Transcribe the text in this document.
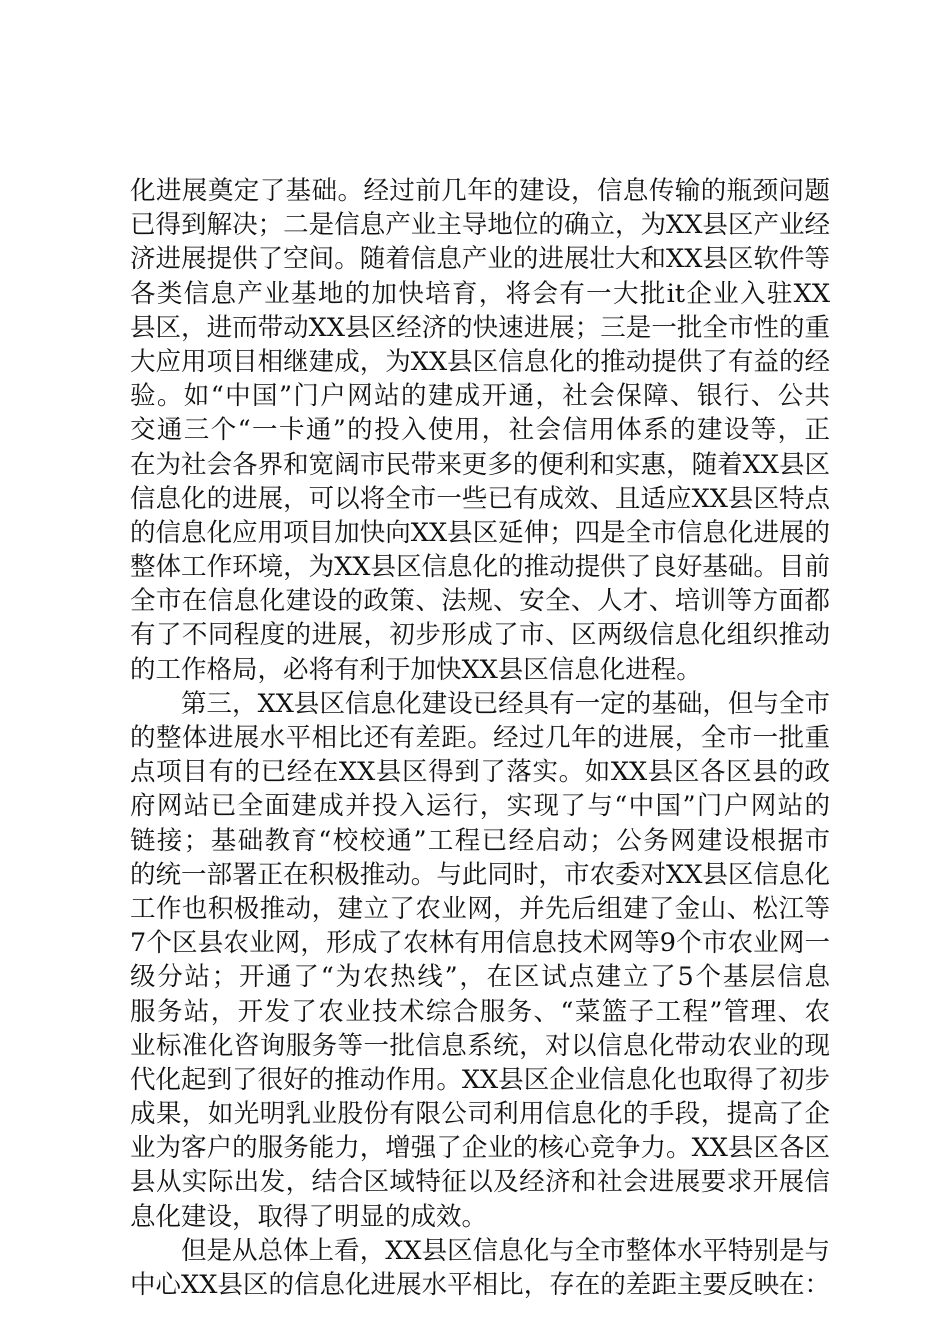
化进展奠定了基础。经过前几年的建设，信息传输的瓶颈问题
已得到解决；二是信息产业主导地位的确立，为XX县区产业经
济进展提供了空间。随着信息产业的进展壮大和XX县区软件等
各类信息产业基地的加快培育，将会有一大批it企业入驻XX
县区，进而带动XX县区经济的快速进展；三是一批全市性的重
大应用项目相继建成，为XX县区信息化的推动提供了有益的经
验。如“中国”门户网站的建成开通，社会保障、银行、公共
交通三个“一卡通”的投入使用，社会信用体系的建设等，正
在为社会各界和宽阔市民带来更多的便利和实惠，随着XX县区
信息化的进展，可以将全市一些已有成效、且适应XX县区特点
的信息化应用项目加快向XX县区延伸；四是全市信息化进展的
整体工作环境，为XX县区信息化的推动提供了良好基础。目前
全市在信息化建设的政策、法规、安全、人才、培训等方面都
有了不同程度的进展，初步形成了市、区两级信息化组织推动
的工作格局，必将有利于加快XX县区信息化进程。
第三，XX县区信息化建设已经具有一定的基础，但与全市
的整体进展水平相比还有差距。经过几年的进展，全市一批重
点项目有的已经在XX县区得到了落实。如XX县区各区县的政
府网站已全面建成并投入运行，实现了与“中国”门户网站的
链接；基础教育“校校通”工程已经启动；公务网建设根据市
的统一部署正在积极推动。与此同时，市农委对XX县区信息化
工作也积极推动，建立了农业网，并先后组建了金山、松江等
7个区县农业网，形成了农林有用信息技术网等9个市农业网一
级分站；开通了“为农热线”，在区试点建立了5个基层信息
服务站，开发了农业技术综合服务、“菜篮子工程”管理、农
业标准化咨询服务等一批信息系统，对以信息化带动农业的现
代化起到了很好的推动作用。XX县区企业信息化也取得了初步
成果，如光明乳业股份有限公司利用信息化的手段，提高了企
业为客户的服务能力，增强了企业的核心竞争力。XX县区各区
县从实际出发，结合区域特征以及经济和社会进展要求开展信
息化建设，取得了明显的成效。
但是从总体上看，XX县区信息化与全市整体水平特别是与
中心XX县区的信息化进展水平相比，存在的差距主要反映在：
